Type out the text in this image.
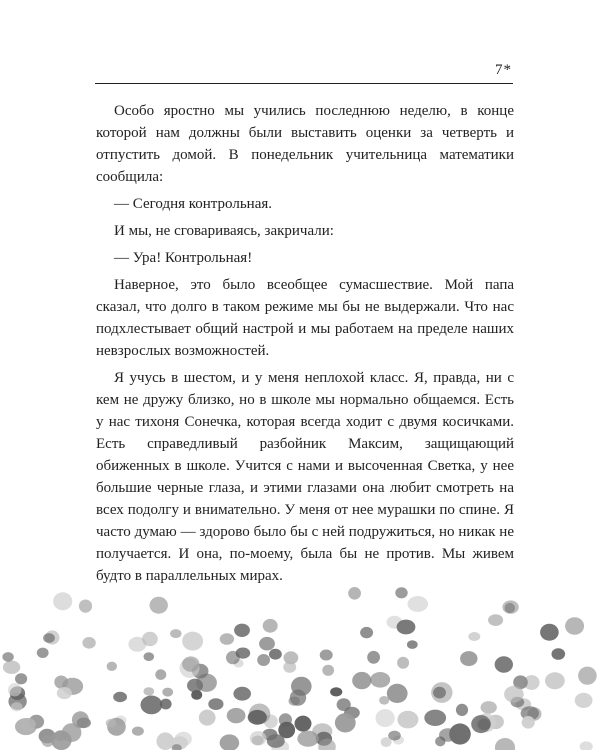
7*

Особо яростно мы учились последнюю неделю, в конце которой нам должны были выставить оценки за четверть и отпустить домой. В понедельник учительница математики сообщила:

— Сегодня контрольная.

И мы, не сговариваясь, закричали:

— Ура! Контрольная!

Наверное, это было всеобщее сумасшествие. Мой папа сказал, что долго в таком режиме мы бы не выдержали. Что нас подхлестывает общий настрой и мы работаем на пределе наших невзрослых возможностей.

Я учусь в шестом, и у меня неплохой класс. Я, правда, ни с кем не дружу близко, но в школе мы нормально общаемся. Есть у нас тихоня Сонечка, которая всегда ходит с двумя косичками. Есть справедливый разбойник Максим, защищающий обиженных в школе. Учится с нами и высоченная Светка, у нее большие черные глаза, и этими глазами она любит смотреть на всех подолгу и внимательно. У меня от нее мурашки по спине. Я часто думаю — здорово было бы с ней подружиться, но никак не получается. И она, по-моему, была бы не против. Мы живем будто в параллельных мирах.
